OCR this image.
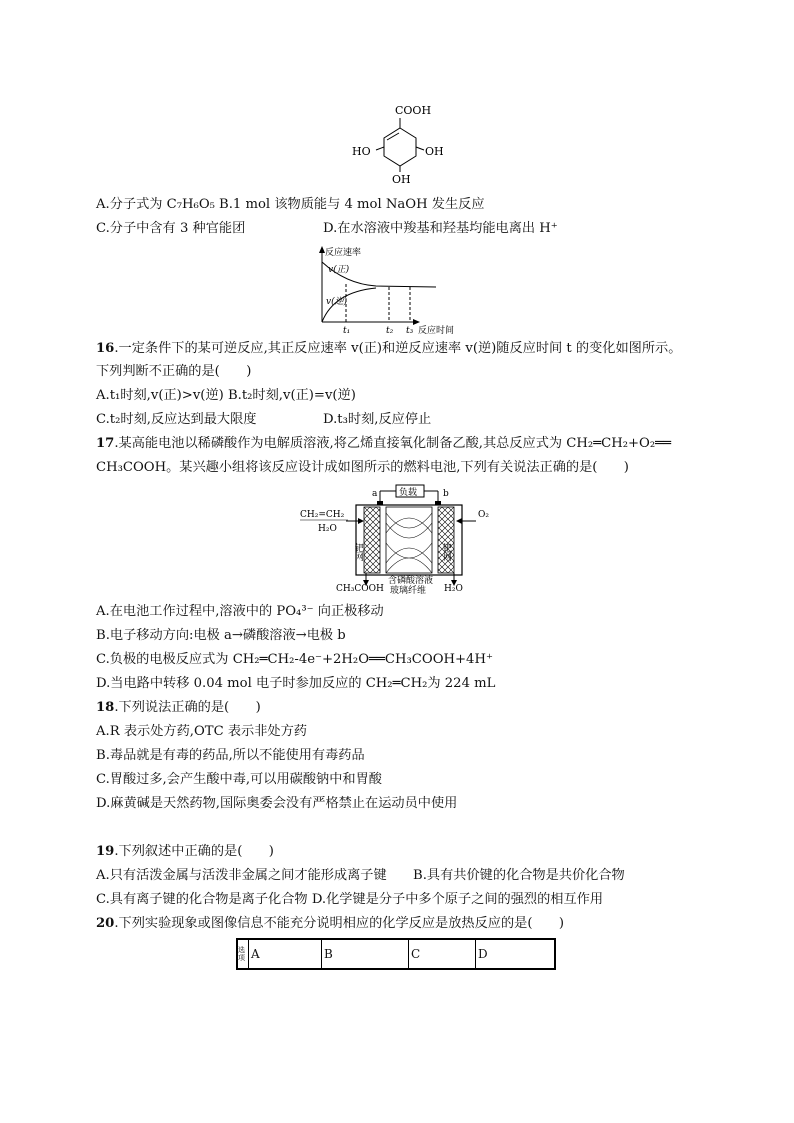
COOH
HO	OH
OH
A.分子式为 C₇H₆O₅ B.1 mol 该物质能与 4 mol NaOH 发生反应
C.分子中含有 3 种官能团	D.在水溶液中羧基和羟基均能电离出 H⁺
反应速率
v(正)
v(逆)
t₁	t₂ t₃ 反应时间
16.一定条件下的某可逆反应,其正反应速率 v(正)和逆反应速率 v(逆)随反应时间 t 的变化如图所示。
下列判断不正确的是(　　)
A.t₁时刻,v(正)>v(逆) B.t₂时刻,v(正)=v(逆)
C.t₂时刻,反应达到最大限度	D.t₃时刻,反应停止
17.某高能电池以稀磷酸作为电解质溶液,将乙烯直接氧化制备乙酸,其总反应式为 CH₂═CH₂+O₂══
CH₃COOH。某兴趣小组将该反应设计成如图所示的燃料电池,下列有关说法正确的是(　　)
负载
a	b
CH₂=CH₂
H₂O
O₂
钯网	钯网
CH₃COOH	H₂O
含磷酸溶液
玻璃纤维
A.在电池工作过程中,溶液中的 PO₄³⁻ 向正极移动
B.电子移动方向:电极 a→磷酸溶液→电极 b
C.负极的电极反应式为 CH₂═CH₂-4e⁻+2H₂O══CH₃COOH+4H⁺
D.当电路中转移 0.04 mol 电子时参加反应的 CH₂═CH₂为 224 mL
18.下列说法正确的是(　　)
A.R 表示处方药,OTC 表示非处方药
B.毒品就是有毒的药品,所以不能使用有毒药品
C.胃酸过多,会产生酸中毒,可以用碳酸钠中和胃酸
D.麻黄碱是天然药物,国际奥委会没有严格禁止在运动员中使用
19.下列叙述中正确的是(　　)
A.只有活泼金属与活泼非金属之间才能形成离子键　　B.具有共价键的化合物是共价化合物
C.具有离子键的化合物是离子化合物 D.化学键是分子中多个原子之间的强烈的相互作用
20.下列实验现象或图像信息不能充分说明相应的化学反应是放热反应的是(　　)
选项	A	B	C	D
